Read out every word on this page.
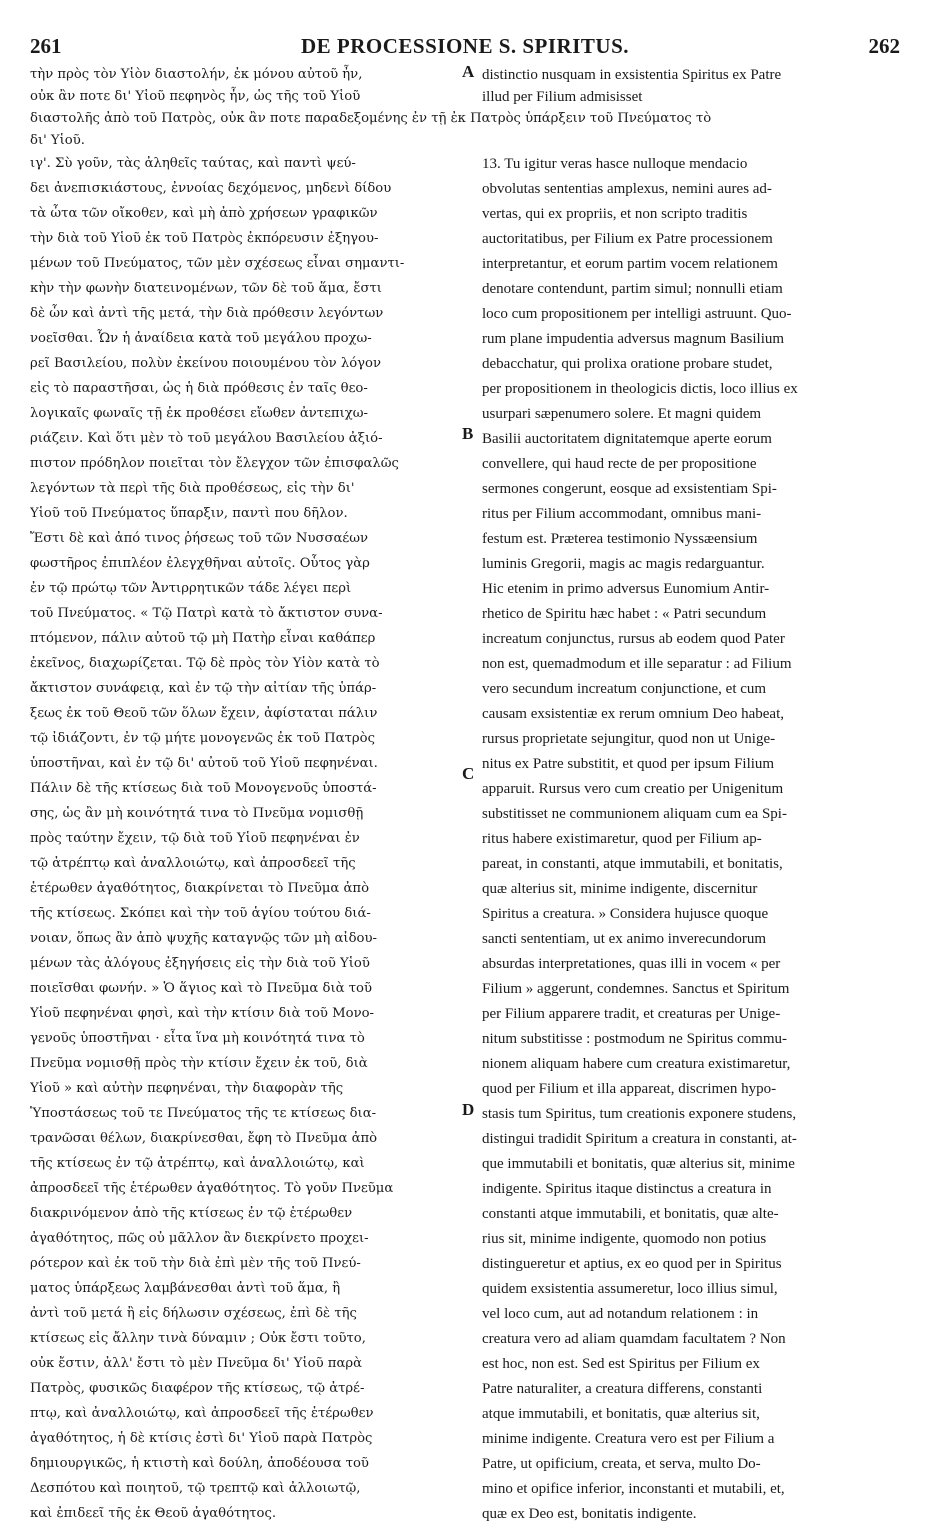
261	DE PROCESSIONE S. SPIRITUS.	262
τὴν πρὸς τὸν Υἱὸν διαστολήν, ἐκ μόνου αὐτοῦ ἦν,
οὐκ ἂν ποτε δι' Υἱοῦ πεφηνὸς ἦν, ὡς τῆς τοῦ Υἱοῦ
distinctio nusquam in exsistentia Spiritus ex Patre
illud per Filium admisisset
διαστολῆς ἀπὸ τοῦ Πατρὸς, οὐκ ἂν ποτε παραδεξομένης ἐν τῇ ἐκ Πατρὸς ὑπάρξειν τοῦ Πνεύματος τὸ
δι' Υἱοῦ.
ιγ'. Σὺ γοῦν, τὰς ἀληθεῖς ταύτας, καὶ παντὶ ψεύ-
δει ἀνεπισκιάστους, ἐννοίας δεχόμενος, μηδενὶ δίδου
τὰ ὦτα τῶν οἴκοθεν, καὶ μὴ ἀπὸ χρήσεων γραφικῶν
τὴν διὰ τοῦ Υἱοῦ ἐκ τοῦ Πατρὸς ἐκπόρευσιν ἐξηγου-
μένων τοῦ Πνεύματος, τῶν μὲν σχέσεως εἶναι σημαντι-
κὴν τὴν φωνὴν διατεινομένων, τῶν δὲ τοῦ ἅμα, ἔστι
δὲ ὧν καὶ ἀντὶ τῆς μετά, τὴν διὰ πρόθεσιν λεγόντων
νοεῖσθαι. Ὧν ἡ ἀναίδεια κατὰ τοῦ μεγάλου προχω-
ρεῖ Βασιλείου, πολὺν ἐκείνου ποιουμένου τὸν λόγον
εἰς τὸ παραστῆσαι, ὡς ἡ διὰ πρόθεσις ἐν ταῖς θεο-
λογικαῖς φωναῖς τῇ ἐκ προθέσει εἴωθεν ἀντεπιχω-
ριάζειν. Καὶ ὅτι μὲν τὸ τοῦ μεγάλου Βασιλείου ἀξιό-
πιστον πρόδηλον ποιεῖται τὸν ἔλεγχον τῶν ἐπισφαλῶς
λεγόντων τὰ περὶ τῆς διὰ προθέσεως, εἰς τὴν δι'
Υἱοῦ τοῦ Πνεύματος ὕπαρξιν, παντὶ που δῆλον.
Ἔστι δὲ καὶ ἀπό τινος ῥήσεως τοῦ τῶν Νυσσαέων
φωστῆρος ἐπιπλέον ἐλεγχθῆναι αὐτοῖς. Οὗτος γὰρ
ἐν τῷ πρώτῳ τῶν Ἀντιρρητικῶν τάδε λέγει περὶ
τοῦ Πνεύματος. « Τῷ Πατρὶ κατὰ τὸ ἄκτιστον συνα-
πτόμενον, πάλιν αὐτοῦ τῷ μὴ Πατὴρ εἶναι καθάπερ
ἐκεῖνος, διαχωρίζεται. Τῷ δὲ πρὸς τὸν Υἱὸν κατὰ τὸ
ἄκτιστον συνάφειᾳ, καὶ ἐν τῷ τὴν αἰτίαν τῆς ὑπάρ-
ξεως ἐκ τοῦ Θεοῦ τῶν ὅλων ἔχειν, ἀφίσταται πάλιν
τῷ ἰδιάζοντι, ἐν τῷ μήτε μονογενῶς ἐκ τοῦ Πατρὸς
ὑποστῆναι, καὶ ἐν τῷ δι' αὐτοῦ τοῦ Υἱοῦ πεφηνέναι.
Πάλιν δὲ τῆς κτίσεως διὰ τοῦ Μονογενοῦς ὑποστά-
σης, ὡς ἂν μὴ κοινότητά τινα τὸ Πνεῦμα νομισθῇ
πρὸς ταύτην ἔχειν, τῷ διὰ τοῦ Υἱοῦ πεφηνέναι ἐν
τῷ ἀτρέπτῳ καὶ ἀναλλοιώτῳ, καὶ ἀπροσδεεῖ τῆς
ἑτέρωθεν ἀγαθότητος, διακρίνεται τὸ Πνεῦμα ἀπὸ
τῆς κτίσεως. Σκόπει καὶ τὴν τοῦ ἁγίου τούτου διά-
νοιαν, ὅπως ἂν ἀπὸ ψυχῆς καταγνῷς τῶν μὴ αἰδου-
μένων τὰς ἀλόγους ἐξηγήσεις εἰς τὴν διὰ τοῦ Υἱοῦ
ποιεῖσθαι φωνήν. » Ὁ ἅγιος καὶ τὸ Πνεῦμα διὰ τοῦ
Υἱοῦ πεφηνέναι φησὶ, καὶ τὴν κτίσιν διὰ τοῦ Μονο-
γενοῦς ὑποστῆναι · εἶτα ἵνα μὴ κοινότητά τινα τὸ
Πνεῦμα νομισθῇ πρὸς τὴν κτίσιν ἔχειν ἐκ τοῦ, διὰ
Υἱοῦ » καὶ αὐτὴν πεφηνέναι, τὴν διαφορὰν τῆς
Ὑποστάσεως τοῦ τε Πνεύματος τῆς τε κτίσεως δια-
τρανῶσαι θέλων, διακρίνεσθαι, ἔφη τὸ Πνεῦμα ἀπὸ
τῆς κτίσεως ἐν τῷ ἀτρέπτῳ, καὶ ἀναλλοιώτῳ, καὶ
ἀπροσδεεῖ τῆς ἑτέρωθεν ἀγαθότητος. Τὸ γοῦν Πνεῦμα
διακρινόμενον ἀπὸ τῆς κτίσεως ἐν τῷ ἑτέρωθεν
ἀγαθότητος, πῶς οὐ μᾶλλον ἂν διεκρίνετο προχει-
ρότερον καὶ ἐκ τοῦ τὴν διὰ ἐπὶ μὲν τῆς τοῦ Πνεύ-
ματος ὑπάρξεως λαμβάνεσθαι ἀντὶ τοῦ ἅμα, ἢ
ἀντὶ τοῦ μετά ἢ εἰς δήλωσιν σχέσεως, ἐπὶ δὲ τῆς
κτίσεως εἰς ἄλλην τινὰ δύναμιν ; Οὐκ ἔστι τοῦτο,
οὐκ ἔστιν, ἀλλ' ἔστι τὸ μὲν Πνεῦμα δι' Υἱοῦ παρὰ
Πατρὸς, φυσικῶς διαφέρον τῆς κτίσεως, τῷ ἀτρέ-
πτῳ, καὶ ἀναλλοιώτῳ, καὶ ἀπροσδεεῖ τῆς ἑτέρωθεν
ἀγαθότητος, ἡ δὲ κτίσις ἐστὶ δι' Υἱοῦ παρὰ Πατρὸς
δημιουργικῶς, ἡ κτιστὴ καὶ δούλη, ἀποδέουσα τοῦ
Δεσπότου καὶ ποιητοῦ, τῷ τρεπτῷ καὶ ἀλλοιωτῷ,
καὶ ἐπιδεεῖ τῆς ἐκ Θεοῦ ἀγαθότητος.
13. Tu igitur veras hasce nulloque mendacio
obvolutas sententias amplexus, nemini aures ad-
vertas, qui ex propriis, et non scripto traditis
auctoritatibus, per Filium ex Patre processionem
interpretantur, et eorum partim vocem relationem
denotare contendunt, partim simul; nonnulli etiam
loco cum propositionem per intelligi astruunt. Quo-
rum plane impudentia adversus magnum Basilium
debacchatur, qui prolixa oratione probare studet,
per propositionem in theologicis dictis, loco illius ex
usurpari sæpenumero solere. Et magni quidem
Basilii auctoritatem dignitatemque aperte eorum
convellere, qui haud recte de per propositione
sermones congerunt, eosque ad exsistentiam Spi-
ritus per Filium accommodant, omnibus mani-
festum est. Præterea testimonio Nyssæensium
luminis Gregorii, magis ac magis redarguantur.
Hic etenim in primo adversus Eunomium Antir-
rhetico de Spiritu hæc habet : « Patri secundum
increatum conjunctus, rursus ab eodem quod Pater
non est, quemadmodum et ille separatur : ad Filium
vero secundum increatum conjunctione, et cum
causam exsistentiæ ex rerum omnium Deo habeat,
rursus proprietate sejungitur, quod non ut Unige-
nitus ex Patre substitit, et quod per ipsum Filium
apparuit. Rursus vero cum creatio per Unigenitum
substitisset ne communionem aliquam cum ea Spi-
ritus habere existimaretur, quod per Filium ap-
pareat, in constanti, atque immutabili, et bonitatis,
quæ alterius sit, minime indigente, discernitur
Spiritus a creatura. » Considera hujusce quoque
sancti sententiam, ut ex animo inverecundorum
absurdas interpretationes, quas illi in vocem « per
Filium » aggerunt, condemnes. Sanctus et Spiritum
per Filium apparere tradit, et creaturas per Unige-
nitum substitisse : postmodum ne Spiritus commu-
nionem aliquam habere cum creatura existimaretur,
quod per Filium et illa appareat, discrimen hypo-
stasis tum Spiritus, tum creationis exponere studens,
distingui tradidit Spiritum a creatura in constanti, at-
que immutabili et bonitatis, quæ alterius sit, minime
indigente. Spiritus itaque distinctus a creatura in
constanti atque immutabili, et bonitatis, quæ alte-
rius sit, minime indigente, quomodo non potius
distingueretur et aptius, ex eo quod per in Spiritus
quidem exsistentia assumeretur, loco illius simul,
vel loco cum, aut ad notandum relationem : in
creatura vero ad aliam quamdam facultatem ? Non
est hoc, non est. Sed est Spiritus per Filium ex
Patre naturaliter, a creatura differens, constanti
atque immutabili, et bonitatis, quæ alterius sit,
minime indigente. Creatura vero est per Filium a
Patre, ut opificium, creata, et serva, multo Do-
mino et opifice inferior, inconstanti et mutabili, et,
quæ ex Deo est, bonitatis indigente.
A
B
C
D
